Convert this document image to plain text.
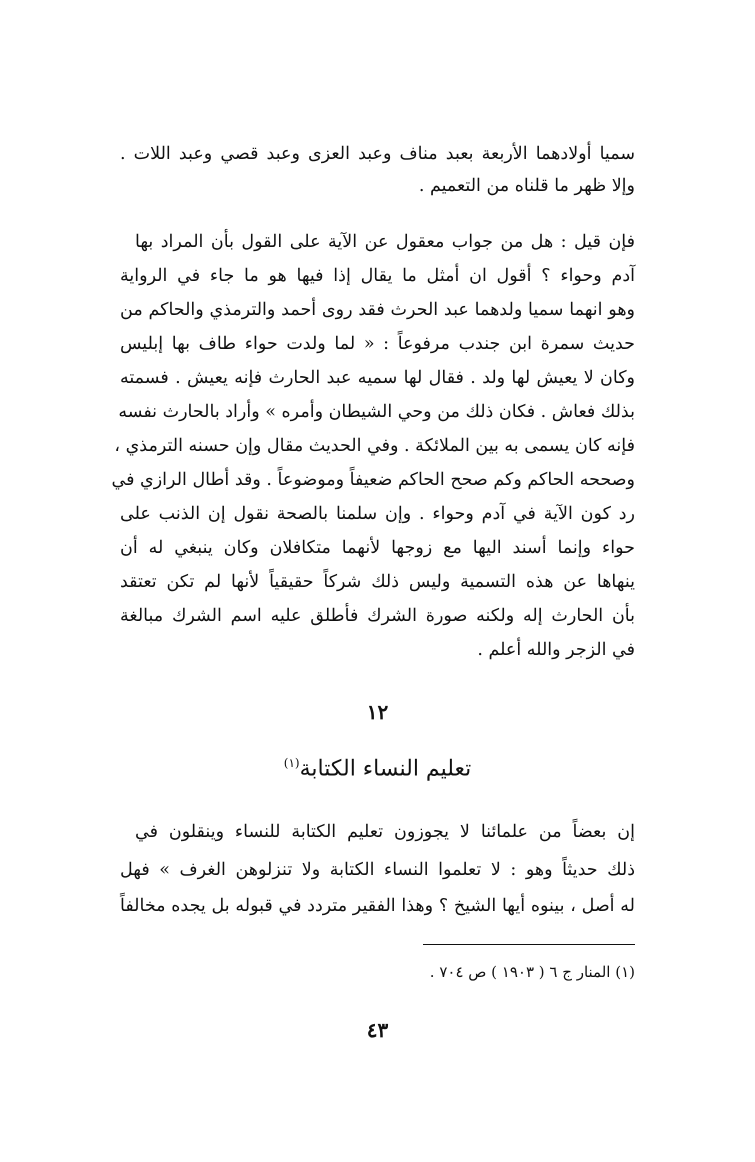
سميا أولادهما الأربعة بعبد مناف وعبد العزى وعبد قصي وعبد اللات .
وإلا ظهر ما قلناه من التعميم .
فإن قيل : هل من جواب معقول عن الآية على القول بأن المراد بها
آدم وحواء ؟ أقول ان أمثل ما يقال إذا فيها هو ما جاء في الرواية
وهو انهما سميا ولدهما عبد الحرث فقد روى أحمد والترمذي والحاكم من
حديث سمرة ابن جندب مرفوعاً : « لما ولدت حواء طاف بها إبليس
وكان لا يعيش لها ولد . فقال لها سميه عبد الحارث فإنه يعيش . فسمته
بذلك فعاش . فكان ذلك من وحي الشيطان وأمره » وأراد بالحارث نفسه
فإنه كان يسمى به بين الملائكة . وفي الحديث مقال وإن حسنه الترمذي ،
وصححه الحاكم وكم صحح الحاكم ضعيفاً وموضوعاً . وقد أطال الرازي في
رد كون الآية في آدم وحواء . وإن سلمنا بالصحة نقول إن الذنب على
حواء وإنما أسند اليها مع زوجها لأنهما متكافلان وكان ينبغي له أن
ينهاها عن هذه التسمية وليس ذلك شركاً حقيقياً لأنها لم تكن تعتقد
بأن الحارث إله ولكنه صورة الشرك فأطلق عليه اسم الشرك مبالغة
في الزجر والله أعلم .
١٢
تعليم النساء الكتابة$^{(١)}$
إن بعضاً من علمائنا لا يجوزون تعليم الكتابة للنساء وينقلون في
ذلك حديثاً وهو : لا تعلموا النساء الكتابة ولا تنزلوهن الغرف » فهل
له أصل ، بينوه أيها الشيخ ؟ وهذا الفقير متردد في قبوله بل يجده مخالفاً
(١) المنار ج ٦ ( ١٩٠٣ ) ص ٧٠٤ .
٤٣
